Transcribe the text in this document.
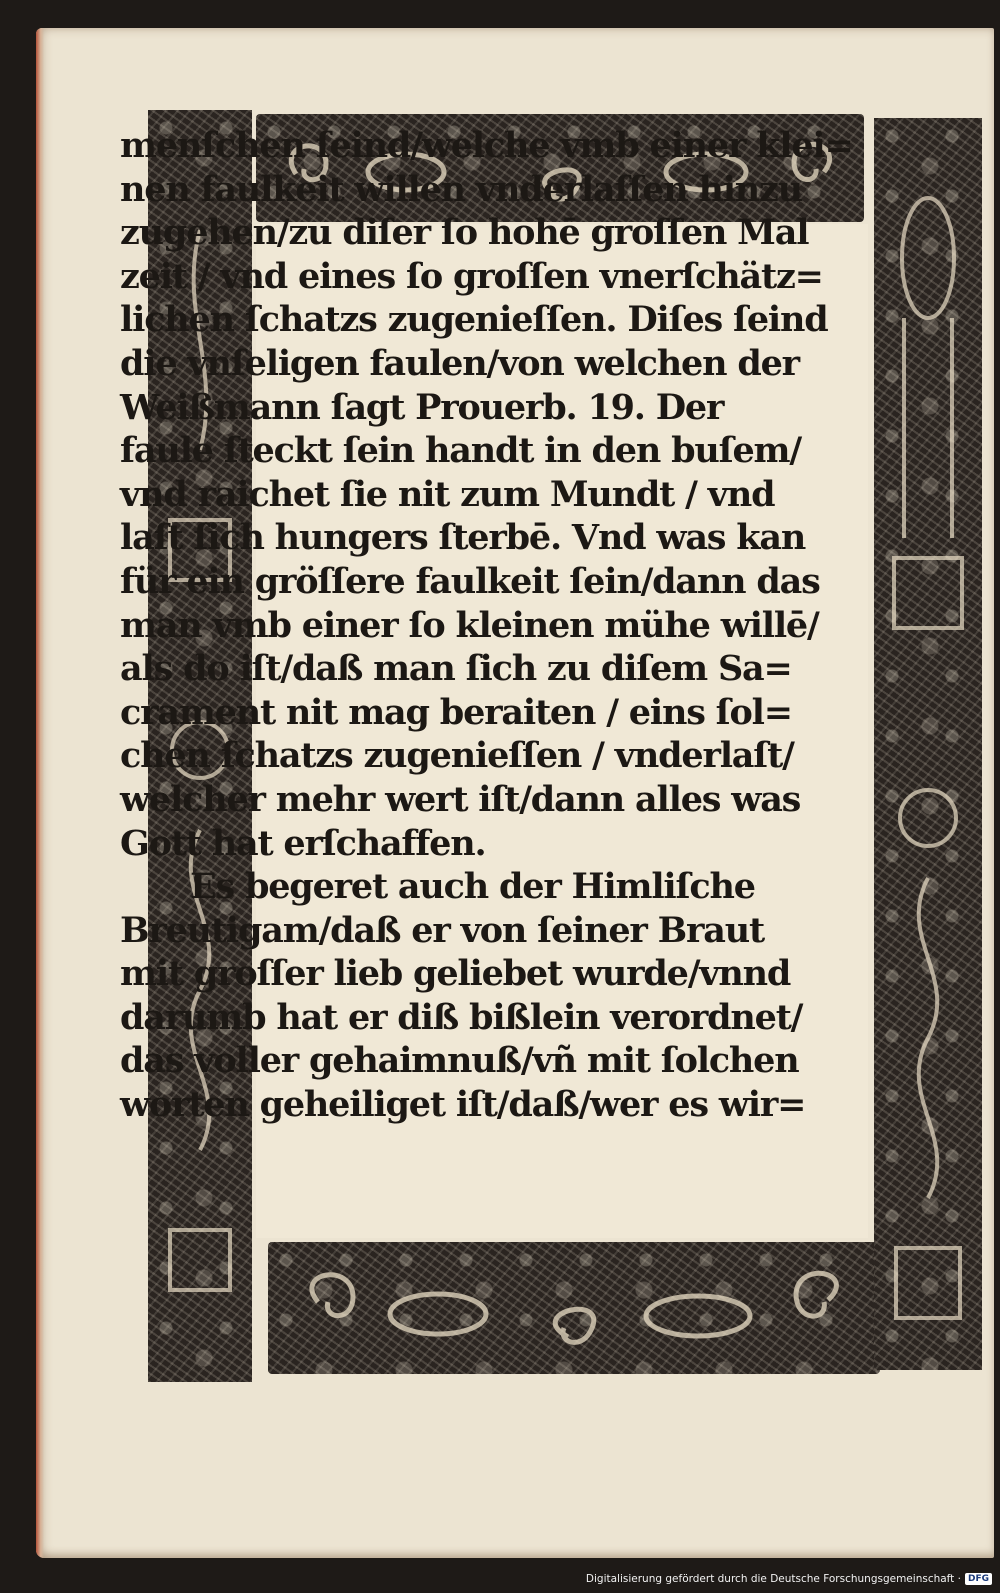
menſchen ſeind/welche vmb einer klei=
nen faulkeit willen vnderlaſſen hinzu
zugehen/zu diſer ſo hohē groſſen Mal
zeit / vnd eines ſo groſſen vnerſchätz=
lichen ſchatzs zugenieſſen. Diſes ſeind
die vnſeligen faulen/von welchen der
Weißmann ſagt Prouerb. 19. Der
faule ſteckt ſein handt in den buſem/
vnd raichet ſie nit zum Mundt / vnd
laſt ſich hungers ſterbē. Vnd was kan
für ein gröſſere faulkeit ſein/dann das
man vmb einer ſo kleinen mühe willē/
als do iſt/daß man ſich zu diſem Sa=
crament nit mag beraiten / eins ſol=
chen ſchatzs zugenieſſen / vnderlaſt/
welcher mehr wert iſt/dann alles was
Gott hat erſchaffen.
Es begeret auch der Himliſche
Breutigam/daß er von ſeiner Braut
mit groſſer lieb geliebet wurde/vnnd
darumb hat er diß bißlein verordnet/
das voller gehaimnuß/vñ mit ſolchen
worten geheiliget iſt/daß/wer es wir=
Digitalisierung gefördert durch die Deutsche Forschungsgemeinschaft · DFG
